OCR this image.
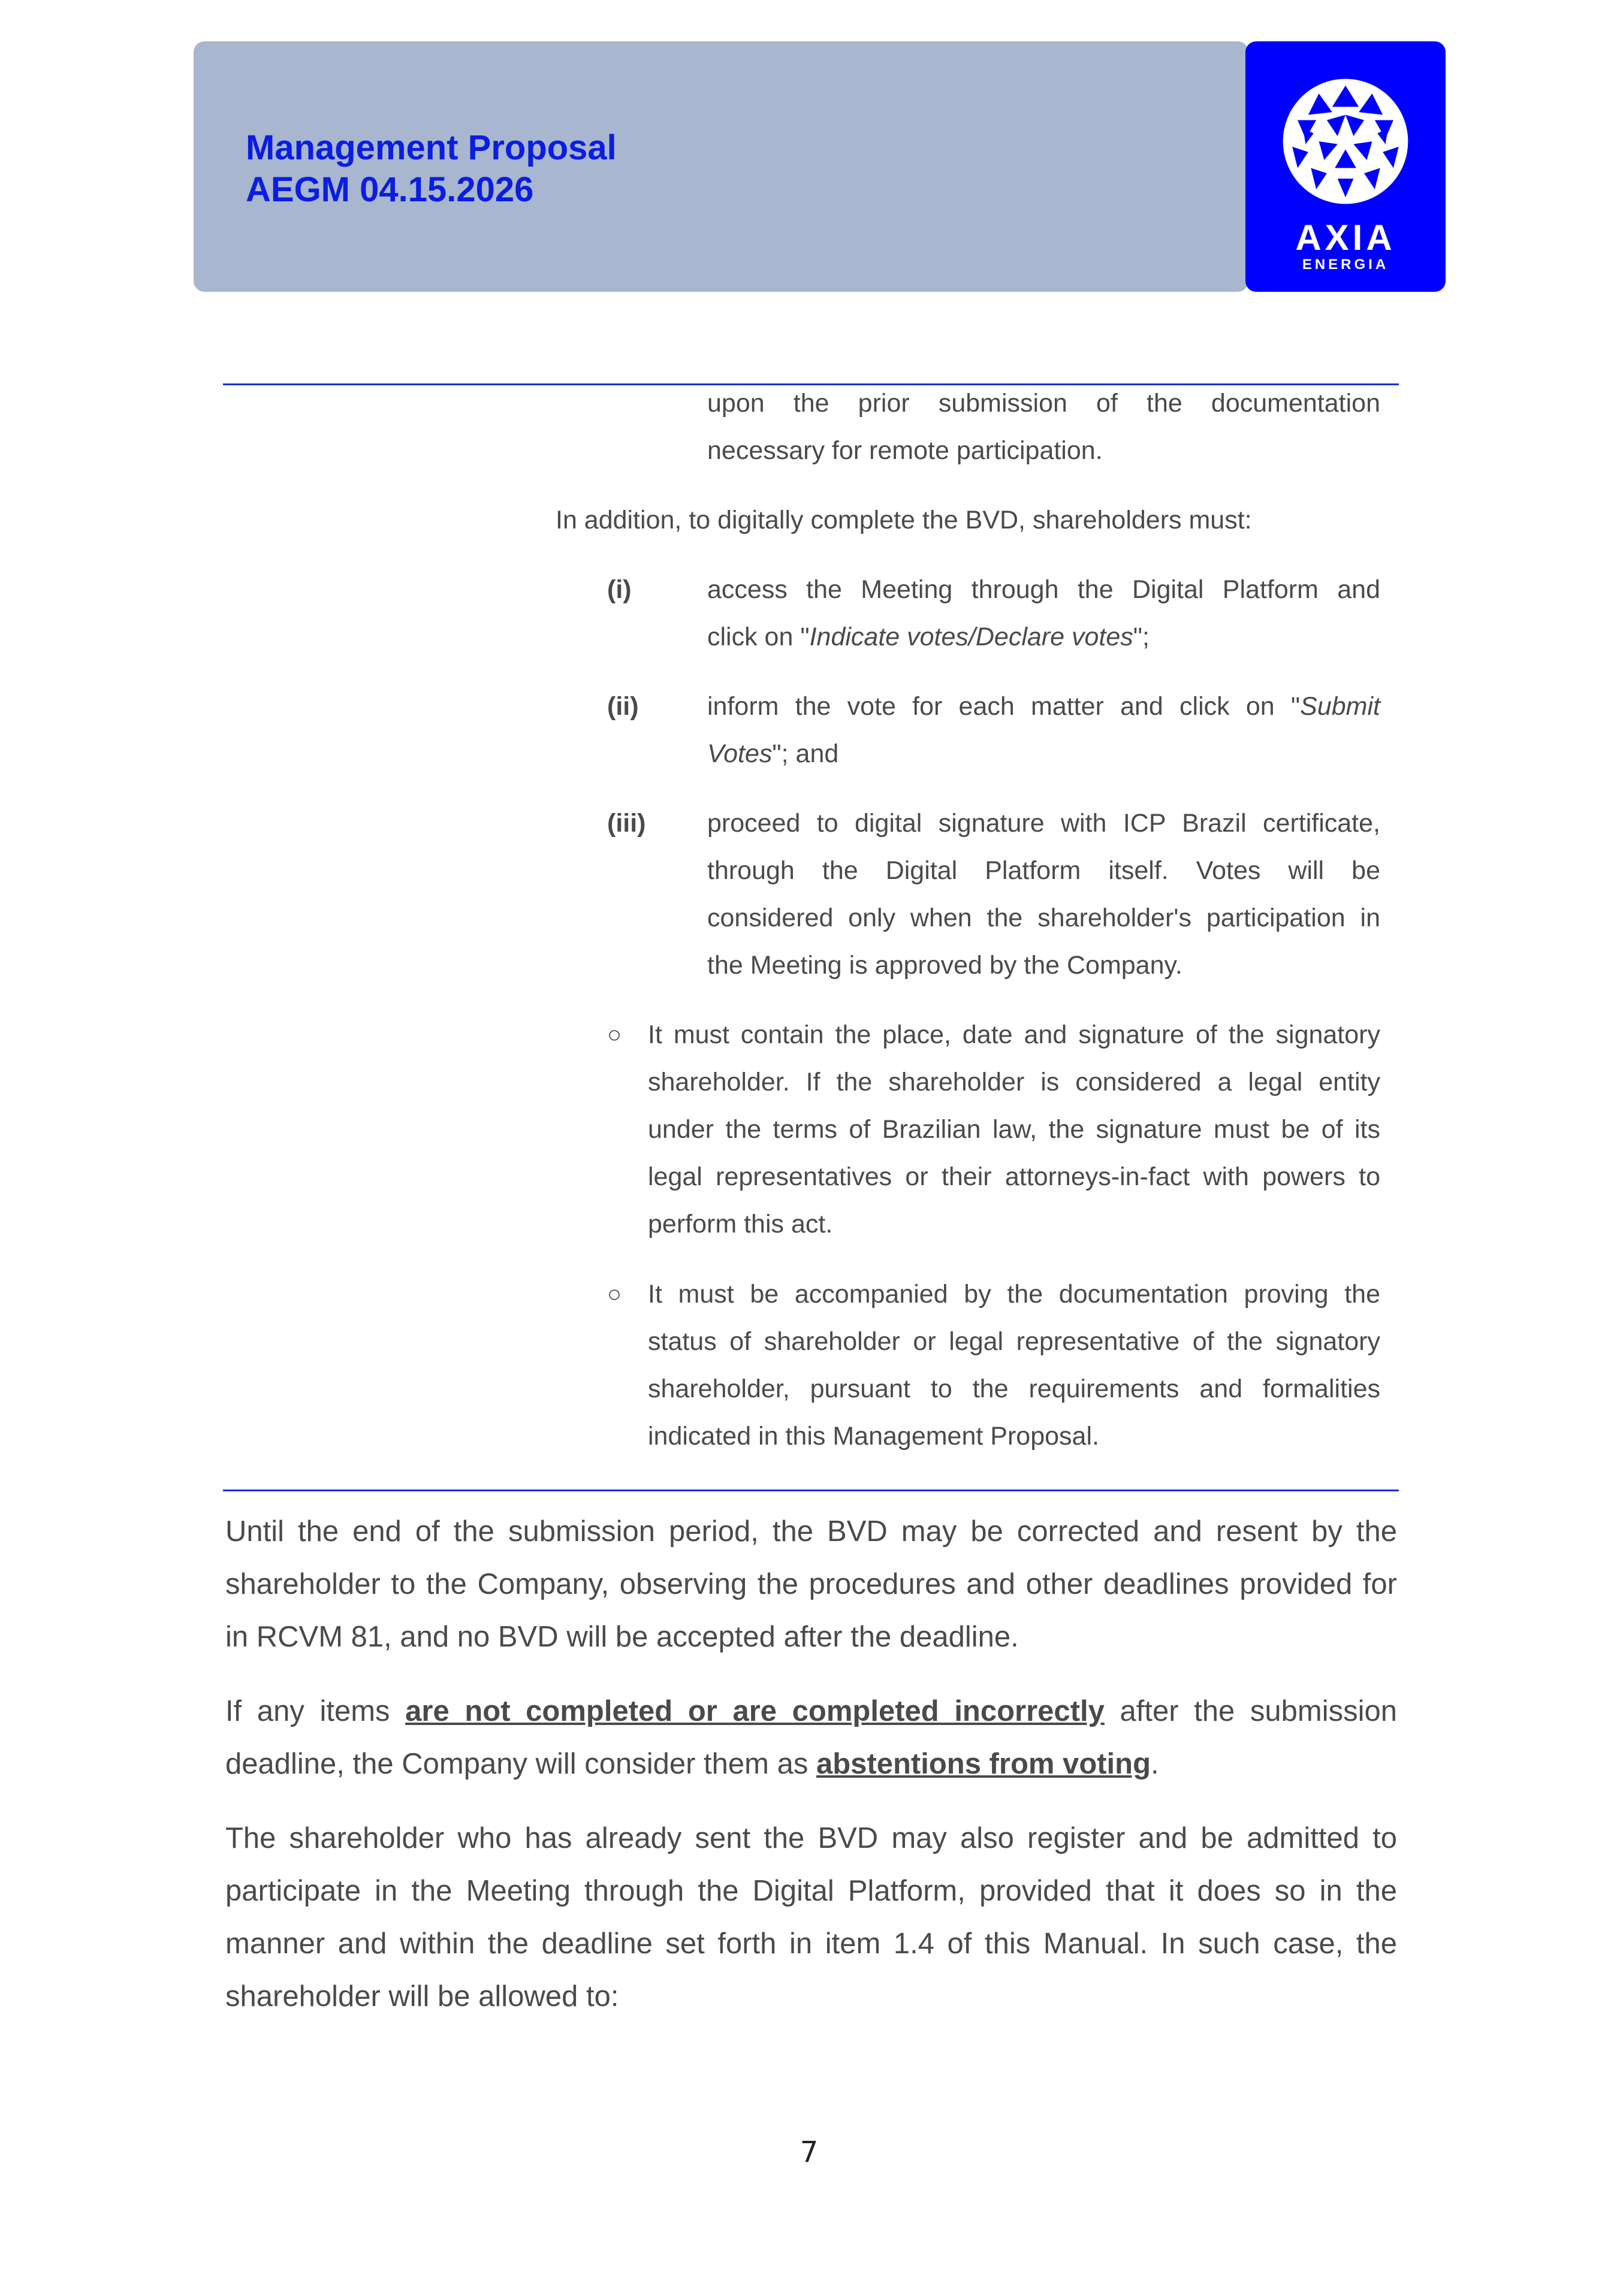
Management Proposal
AEGM 04.15.2026
AXIA
ENERGIA
upon the prior submission of the documentation
necessary for remote participation.
In addition, to digitally complete the BVD, shareholders must:
(i)	access the Meeting through the Digital Platform and
click on "Indicate votes/Declare votes";
(ii)	inform the vote for each matter and click on "Submit
Votes"; and
(iii) proceed to digital signature with ICP Brazil certificate,
through the Digital Platform itself. Votes will be
considered only when the shareholder's participation in
the Meeting is approved by the Company.
○ It must contain the place, date and signature of the signatory
shareholder. If the shareholder is considered a legal entity
under the terms of Brazilian law, the signature must be of its
legal representatives or their attorneys-in-fact with powers to
perform this act.
○ It must be accompanied by the documentation proving the
status of shareholder or legal representative of the signatory
shareholder, pursuant to the requirements and formalities
indicated in this Management Proposal.
Until the end of the submission period, the BVD may be corrected and resent by the
shareholder to the Company, observing the procedures and other deadlines provided for
in RCVM 81, and no BVD will be accepted after the deadline.
If any items are not completed or are completed incorrectly after the submission
deadline, the Company will consider them as abstentions from voting.
The shareholder who has already sent the BVD may also register and be admitted to
participate in the Meeting through the Digital Platform, provided that it does so in the
manner and within the deadline set forth in item 1.4 of this Manual. In such case, the
shareholder will be allowed to:
7
